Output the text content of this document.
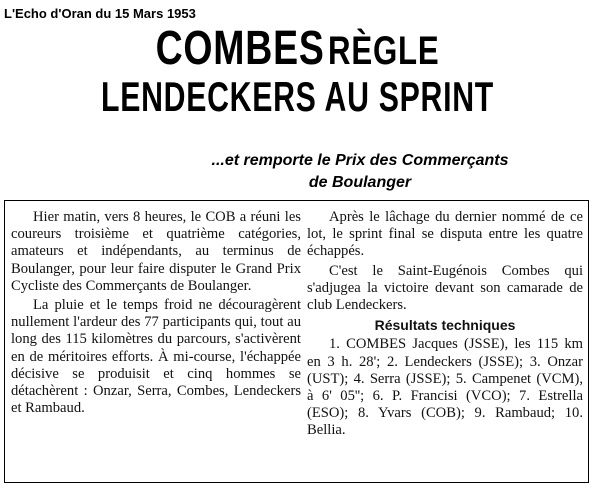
L'Echo d'Oran du 15 Mars 1953
COMBES RÈGLE
LENDECKERS AU SPRINT
...et remporte le Prix des Commerçants
de Boulanger

Hier matin, vers 8 heures, le COB a réuni les coureurs troisième et quatrième catégories, amateurs et indépendants, au terminus de Boulanger, pour leur faire disputer le Grand Prix Cycliste des Commerçants de Boulanger.

La pluie et le temps froid ne découragèrent nullement l'ardeur des 77 participants qui, tout au long des 115 kilomètres du parcours, s'activèrent en de méritoires efforts. À mi-course, l'échappée décisive se produisit et cinq hommes se détachèrent : Onzar, Serra, Combes, Lendeckers et Rambaud.

Après le lâchage du dernier nommé de ce lot, le sprint final se disputa entre les quatre échappés.

C'est le Saint-Eugénois Combes qui s'adjugea la victoire devant son camarade de club Lendeckers.

Résultats techniques

1. COMBES Jacques (JSSE), les 115 km en 3 h. 28'; 2. Lendeckers (JSSE); 3. Onzar (UST); 4. Serra (JSSE); 5. Campenet (VCM), à 6' 05''; 6. P. Francisi (VCO); 7. Estrella (ESO); 8. Yvars (COB); 9. Rambaud; 10. Bellia.
